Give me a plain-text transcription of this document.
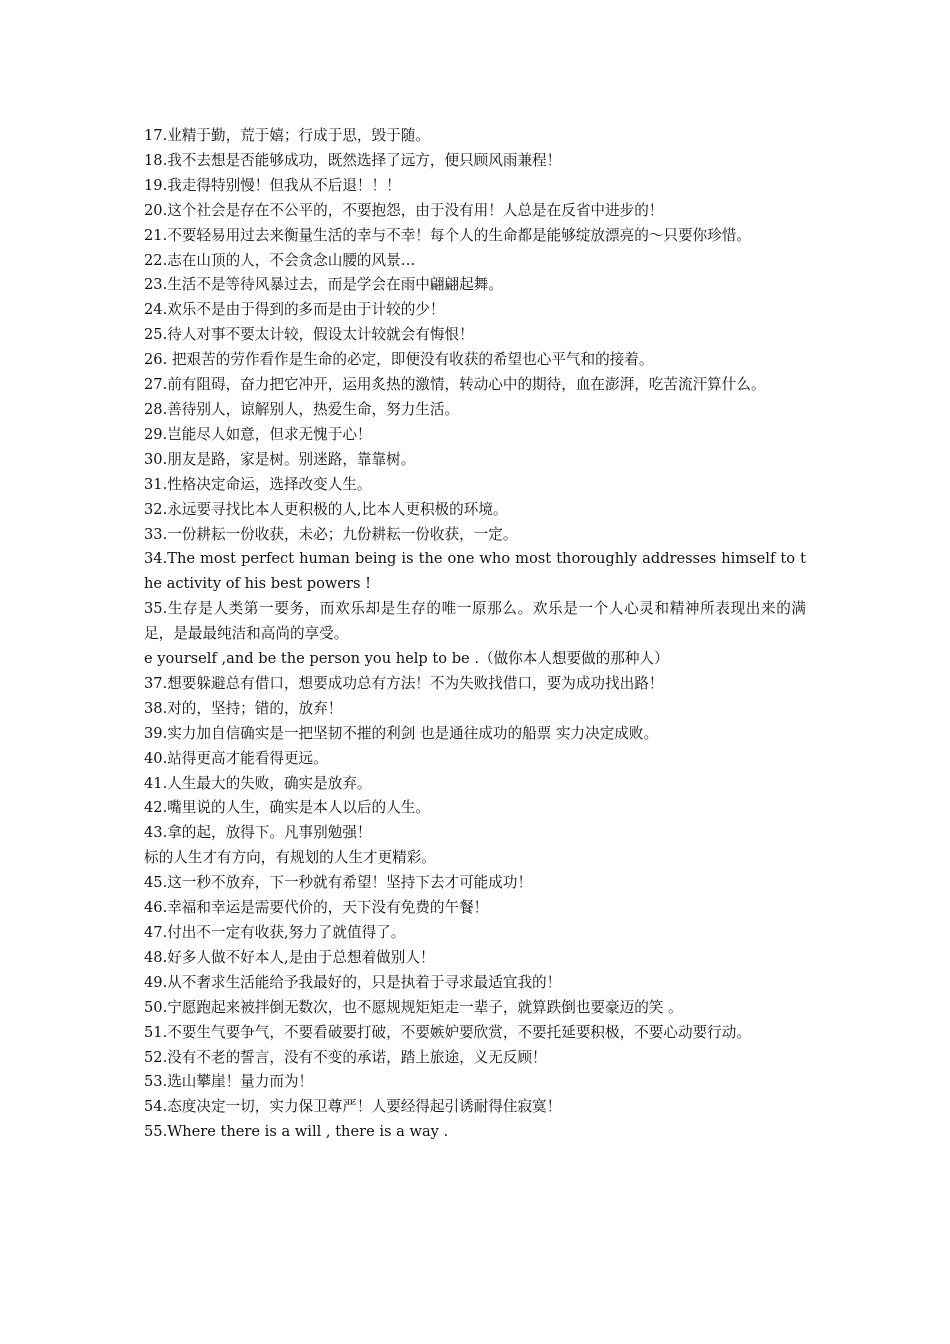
17.业精于勤，荒于嬉；行成于思，毁于随。

18.我不去想是否能够成功，既然选择了远方，便只顾风雨兼程！

19.我走得特别慢！但我从不后退！！！

20.这个社会是存在不公平的，不要抱怨，由于没有用！人总是在反省中进步的！

21.不要轻易用过去来衡量生活的幸与不幸！每个人的生命都是能够绽放漂亮的～只要你珍惜。

22.志在山顶的人，不会贪念山腰的风景…

23.生活不是等待风暴过去，而是学会在雨中翩翩起舞。

24.欢乐不是由于得到的多而是由于计较的少！

25.待人对事不要太计较，假设太计较就会有悔恨！

26. 把艰苦的劳作看作是生命的必定，即便没有收获的希望也心平气和的接着。

27.前有阻碍，奋力把它冲开，运用炙热的激情，转动心中的期待，血在澎湃，吃苦流汗算什么。

28.善待别人，谅解别人，热爱生命，努力生活。

29.岂能尽人如意，但求无愧于心！

30.朋友是路，家是树。别迷路，靠靠树。

31.性格决定命运，选择改变人生。

32.永远要寻找比本人更积极的人,比本人更积极的环境。

33.一份耕耘一份收获，未必；九份耕耘一份收获，一定。

34.The most perfect human being is the one who most thoroughly addresses himself to the activity of his best powers !

35.生存是人类第一要务，而欢乐却是生存的唯一原那么。欢乐是一个人心灵和精神所表现出来的满足，是最最纯洁和高尚的享受。

e yourself ,and be the person you help to be .（做你本人想要做的那种人）

37.想要躲避总有借口，想要成功总有方法！不为失败找借口，要为成功找出路！

38.对的，坚持；错的，放弃！

39.实力加自信确实是一把坚韧不摧的利剑 也是通往成功的船票 实力决定成败。

40.站得更高才能看得更远。

41.人生最大的失败，确实是放弃。

42.嘴里说的人生，确实是本人以后的人生。

43.拿的起，放得下。凡事别勉强！

标的人生才有方向，有规划的人生才更精彩。

45.这一秒不放弃，下一秒就有希望！坚持下去才可能成功！

46.幸福和幸运是需要代价的，天下没有免费的午餐！

47.付出不一定有收获,努力了就值得了。

48.好多人做不好本人,是由于总想着做别人！

49.从不奢求生活能给予我最好的，只是执着于寻求最适宜我的！

50.宁愿跑起来被拌倒无数次，也不愿规规矩矩走一辈子，就算跌倒也要豪迈的笑 。

51.不要生气要争气，不要看破要打破，不要嫉妒要欣赏，不要托延要积极，不要心动要行动。

52.没有不老的誓言，没有不变的承诺，踏上旅途，义无反顾！

53.选山攀崖！量力而为！

54.态度决定一切，实力保卫尊严！人要经得起引诱耐得住寂寞！

55.Where there is a will , there is a way .
